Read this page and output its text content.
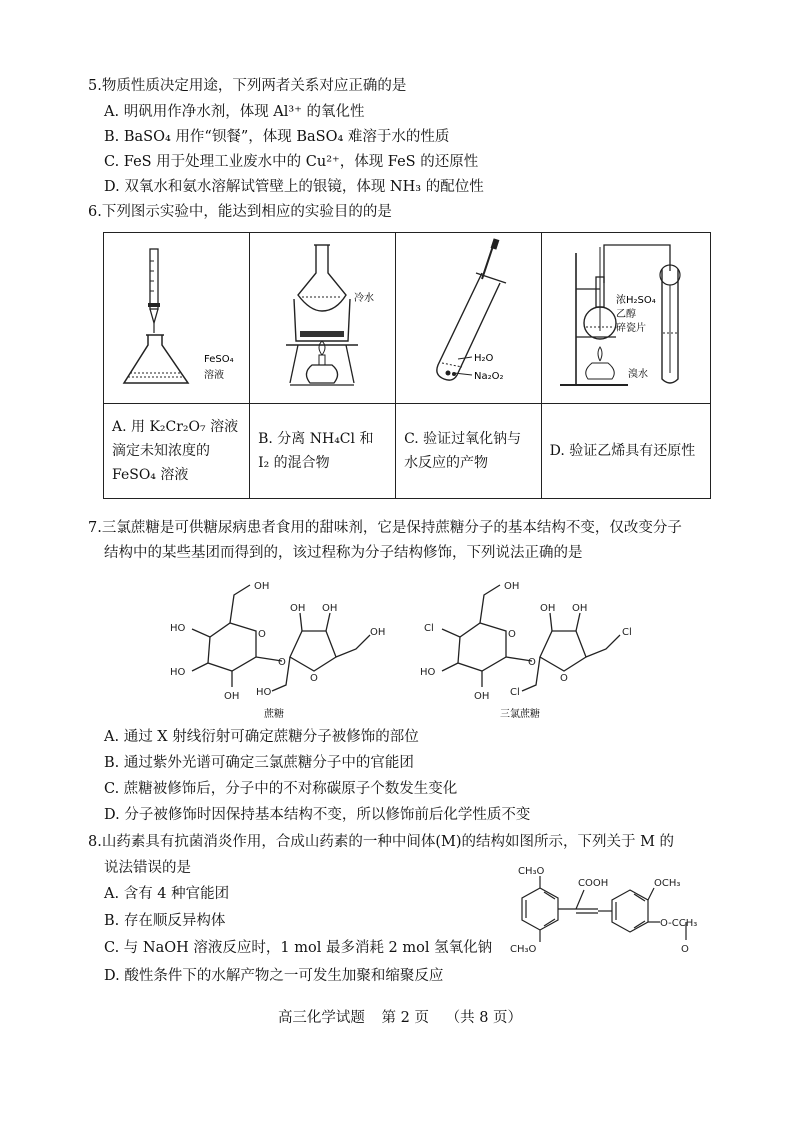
5.物质性质决定用途，下列两者关系对应正确的是
A. 明矾用作净水剂，体现 Al³⁺ 的氧化性
B. BaSO₄ 用作“钡餐”，体现 BaSO₄ 难溶于水的性质
C. FeS 用于处理工业废水中的 Cu²⁺，体现 FeS 的还原性
D. 双氧水和氨水溶解试管壁上的银镜，体现 NH₃ 的配位性
6.下列图示实验中，能达到相应的实验目的的是
FeSO₄
溶液	冷水	H₂O
Na₂O₂	浓H₂SO₄
乙醇
碎瓷片
溴水

A. 用 K₂Cr₂O₇ 溶液滴定未知浓度的 FeSO₄ 溶液	B. 分离 NH₄Cl 和 I₂ 的混合物	C. 验证过氧化钠与水反应的产物	D. 验证乙烯具有还原性
7.三氯蔗糖是可供糖尿病患者食用的甜味剂，它是保持蔗糖分子的基本结构不变，仅改变分子
结构中的某些基团而得到的，该过程称为分子结构修饰，下列说法正确的是
OH
HO
HO
OH
O
O
OH OH
O
OH
HO
蔗糖
OH
Cl
HO
OH
O
O
OH OH
O
Cl
Cl
三氯蔗糖
A. 通过 X 射线衍射可确定蔗糖分子被修饰的部位
B. 通过紫外光谱可确定三氯蔗糖分子中的官能团
C. 蔗糖被修饰后，分子中的不对称碳原子个数发生变化
D. 分子被修饰时因保持基本结构不变，所以修饰前后化学性质不变
8.山药素具有抗菌消炎作用，合成山药素的一种中间体(M)的结构如图所示，下列关于 M 的
说法错误的是
A. 含有 4 种官能团
B. 存在顺反异构体
C. 与 NaOH 溶液反应时，1 mol 最多消耗 2 mol 氢氧化钠
D. 酸性条件下的水解产物之一可发生加聚和缩聚反应
CH₃O
COOH	OCH₃
O-CCH₃
O
CH₃O
高三化学试题 第 2 页 （共 8 页）
